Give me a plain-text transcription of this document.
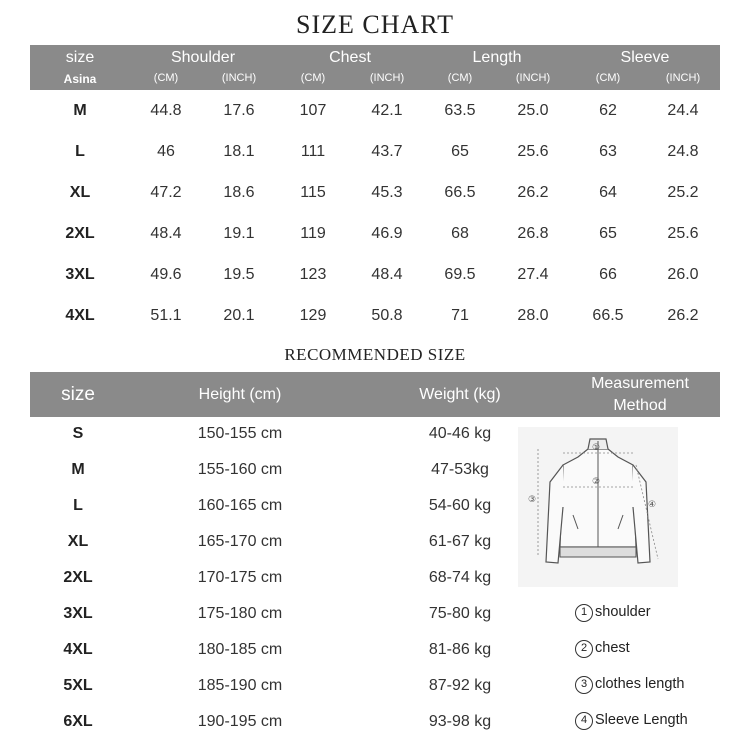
SIZE CHART
size
Asina
Shoulder	Chest	Length	Sleeve
(CM)	(INCH)	(CM)	(INCH)	(CM)	(INCH)	(CM)	(INCH)
M	44.8	17.6	107	42.1	63.5	25.0	62	24.4
L	46	18.1	111	43.7	65	25.6	63	24.8
XL	47.2	18.6	115	45.3	66.5	26.2	64	25.2
2XL	48.4	19.1	119	46.9	68	26.8	65	25.6
3XL	49.6	19.5	123	48.4	69.5	27.4	66	26.0
4XL	51.1	20.1	129	50.8	71	28.0	66.5	26.2
RECOMMENDED SIZE
size	Height (cm)	Weight (kg)
Measurement
Method
S	150-155 cm	40-46 kg
M	155-160 cm	47-53kg
L	160-165 cm	54-60 kg
XL	165-170 cm	61-67 kg
2XL	170-175 cm	68-74 kg
3XL	175-180 cm	75-80 kg
4XL	180-185 cm	81-86 kg
5XL	185-190 cm	87-92 kg
6XL	190-195 cm	93-98 kg
①
②
③	④
1 shoulder
2 chest
3 clothes length
4 Sleeve Length
